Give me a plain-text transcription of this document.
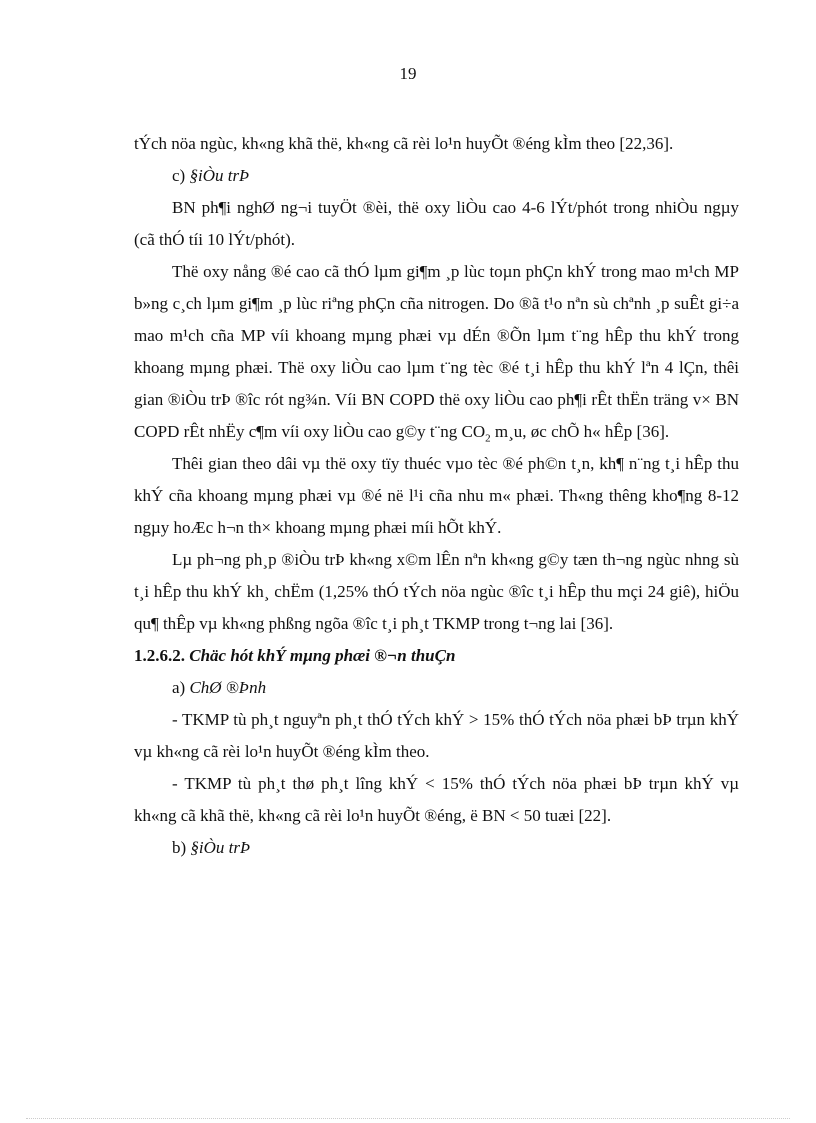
19

tÝch nöa ngùc, kh«ng khã thë, kh«ng cã rèi lo¹n huyÕt ®éng kÌm theo [22,36].

c) §iÒu trÞ

BN ph¶i nghØ ng¬i tuyÖt ®èi, thë oxy liÒu cao 4-6 lÝt/phót trong nhiÒu ngµy (cã thÓ tíi 10 lÝt/phót).

Thë oxy nång ®é cao cã thÓ lµm gi¶m ¸p lùc toµn phÇn khÝ trong mao m¹ch MP b»ng c¸ch lµm gi¶m ¸p lùc riªng phÇn cña nitrogen. Do ®ã t¹o nªn sù chªnh ¸p suÊt gi÷a mao m¹ch cña MP víi khoang mµng phæi vµ dÉn ®Õn lµm t¨ng hÊp thu khÝ trong khoang mµng phæi. Thë oxy liÒu cao lµm t¨ng tèc ®é t¸i hÊp thu khÝ lªn 4 lÇn, thêi gian ®iÒu trÞ ®îc rót ng¾n. Víi BN COPD thë oxy liÒu cao ph¶i rÊt thËn träng v× BN COPD rÊt nhËy c¶m víi oxy liÒu cao g©y t¨ng $CO_2$ m¸u, øc chÕ h« hÊp [36].

Thêi gian theo dâi vµ thë oxy tïy thuéc vµo tèc ®é ph©n t¸n, kh¶ n¨ng t¸i hÊp thu khÝ cña khoang mµng phæi vµ ®é në l¹i cña nhu m« phæi. Th«ng thêng kho¶ng 8-12 ngµy hoÆc h¬n th× khoang mµng phæi míi hÕt khÝ.

Lµ ph¬ng ph¸p ®iÒu trÞ kh«ng x©m lÊn nªn kh«ng g©y tæn th¬ng ngùc nhng sù t¸i hÊp thu khÝ kh¸ chËm (1,25% thÓ tÝch nöa ngùc ®îc t¸i hÊp thu mçi 24 giê), hiÖu qu¶ thÊp vµ kh«ng phßng ngõa ®îc t¸i ph¸t TKMP trong t¬ng lai [36].

1.2.6.2. Chäc hót khÝ mµng phæi ®¬n thuÇn

a) ChØ ®Þnh

- TKMP tù ph¸t nguyªn ph¸t thÓ tÝch khÝ > 15% thÓ tÝch nöa phæi bÞ trµn khÝ vµ kh«ng cã rèi lo¹n huyÕt ®éng kÌm theo.

- TKMP tù ph¸t thø ph¸t lîng khÝ < 15% thÓ tÝch nöa phæi bÞ trµn khÝ vµ kh«ng cã khã thë, kh«ng cã rèi lo¹n huyÕt ®éng, ë BN < 50 tuæi [22].

b) §iÒu trÞ
